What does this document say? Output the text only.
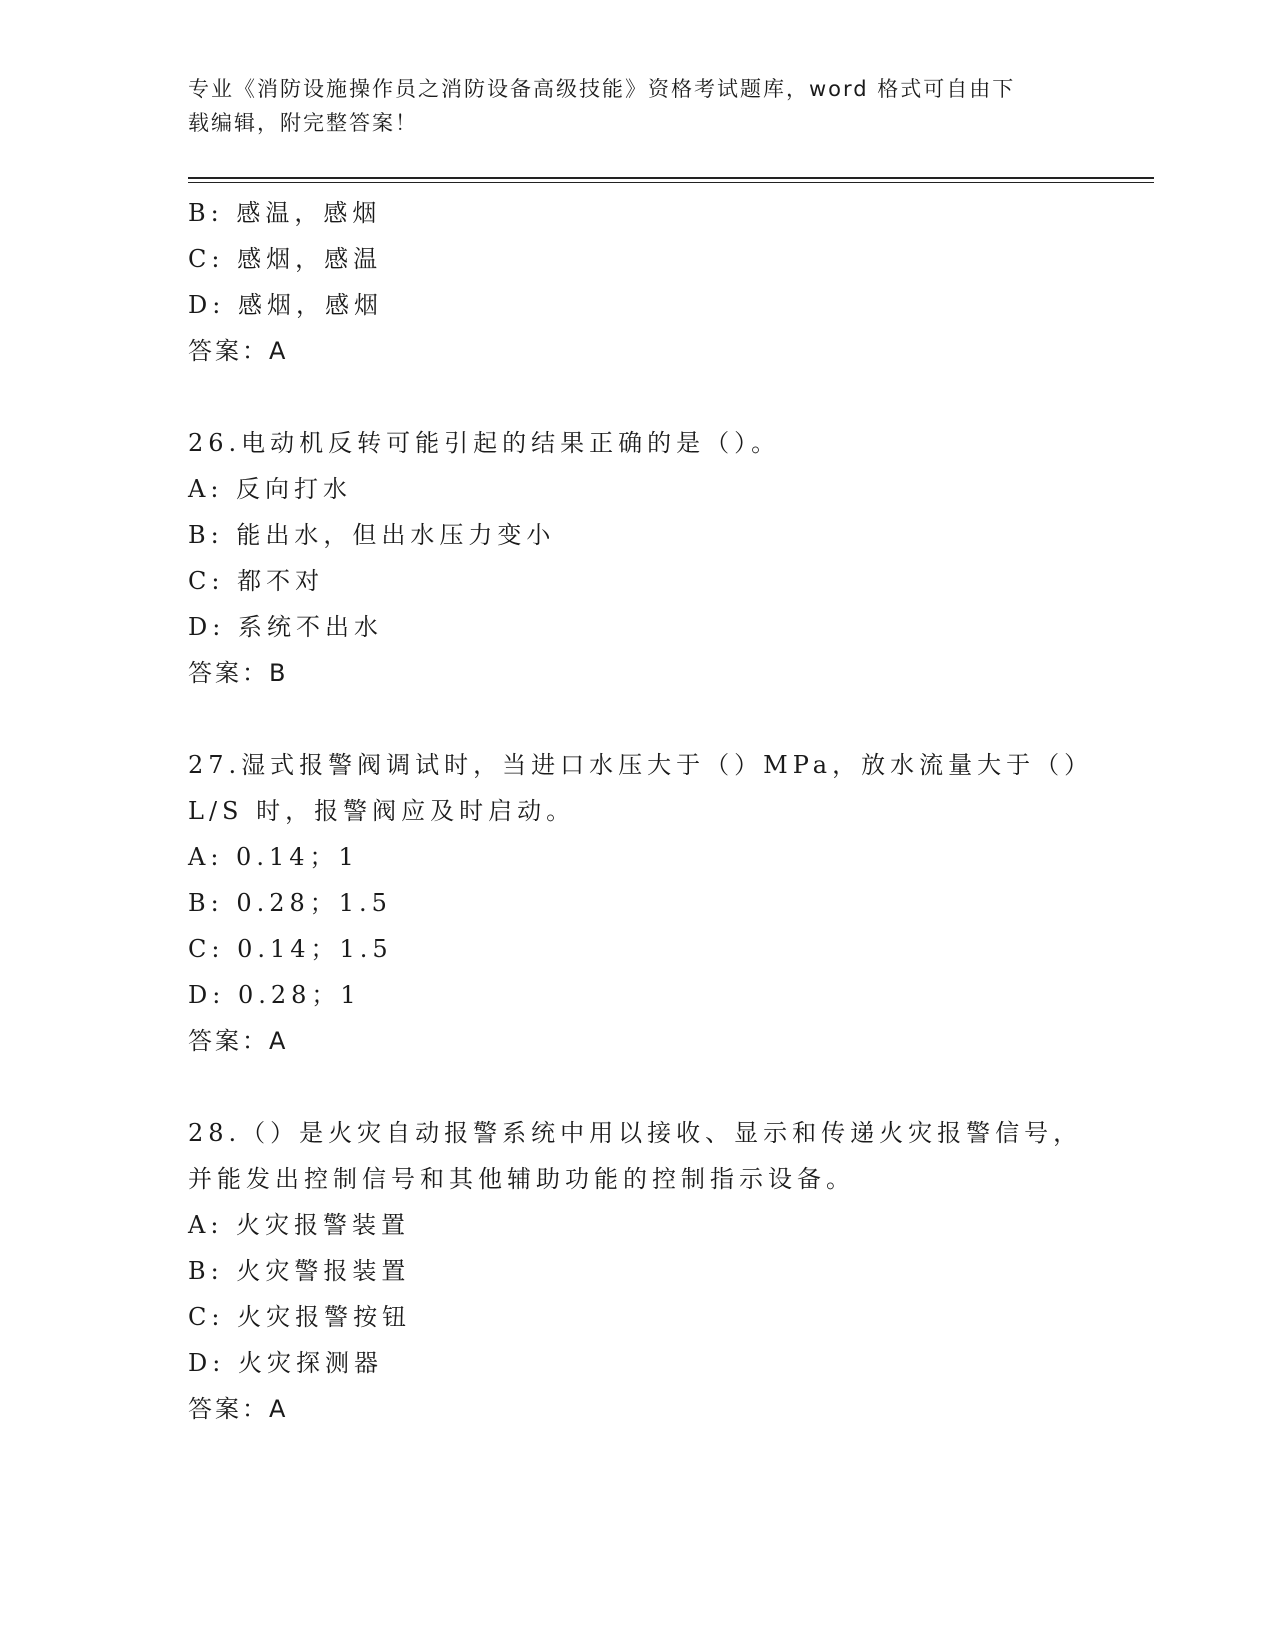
专业《消防设施操作员之消防设备高级技能》资格考试题库，word 格式可自由下
载编辑，附完整答案！
B: 感温，感烟
C: 感烟，感温
D: 感烟，感烟
答案：A
26.电动机反转可能引起的结果正确的是（）。
A: 反向打水
B: 能出水，但出水压力变小
C: 都不对
D: 系统不出水
答案：B
27.湿式报警阀调试时，当进口水压大于（）MPa，放水流量大于（）
L/S 时，报警阀应及时启动。
A: 0.14；1
B: 0.28；1.5
C: 0.14；1.5
D: 0.28；1
答案：A
28.（）是火灾自动报警系统中用以接收、显示和传递火灾报警信号，
并能发出控制信号和其他辅助功能的控制指示设备。
A: 火灾报警装置
B: 火灾警报装置
C: 火灾报警按钮
D: 火灾探测器
答案：A
